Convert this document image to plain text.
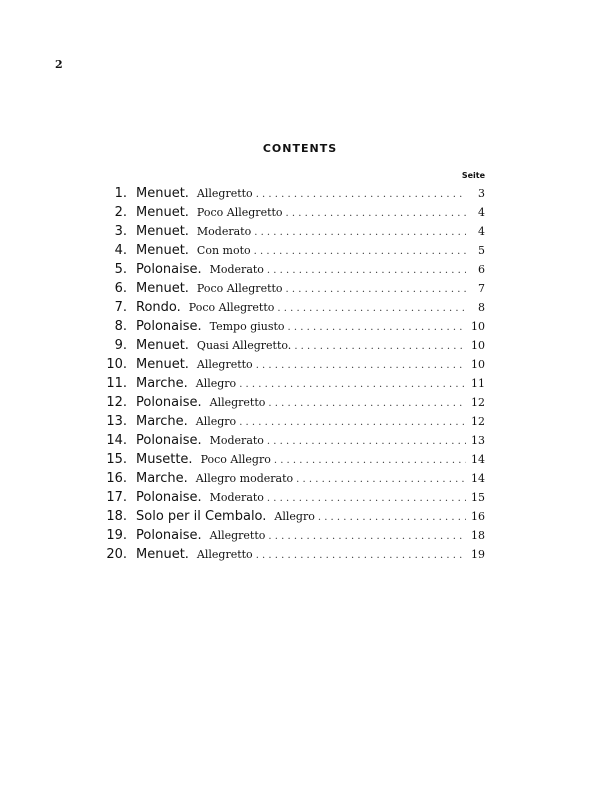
2
CONTENTS
Seite
1. Menuet. Allegretto . . .	3
2. Menuet. Poco Allegretto . . .	4
3. Menuet. Moderato . . .	4
4. Menuet. Con moto . . .	5
5. Polonaise. Moderato . . .	6
6. Menuet. Poco Allegretto . . .	7
7. Rondo. Poco Allegretto . . .	8
8. Polonaise. Tempo giusto . . .	10
9. Menuet. Quasi Allegretto. . . .	10
10. Menuet. Allegretto . . .	10
11. Marche. Allegro . . .	11
12. Polonaise. Allegretto . . .	12
13. Marche. Allegro . . .	12
14. Polonaise. Moderato . . .	13
15. Musette. Poco Allegro . . .	14
16. Marche. Allegro moderato . . .	14
17. Polonaise. Moderato . . .	15
18. Solo per il Cembalo. Allegro . . .	16
19. Polonaise. Allegretto . . .	18
20. Menuet. Allegretto . . .	19
